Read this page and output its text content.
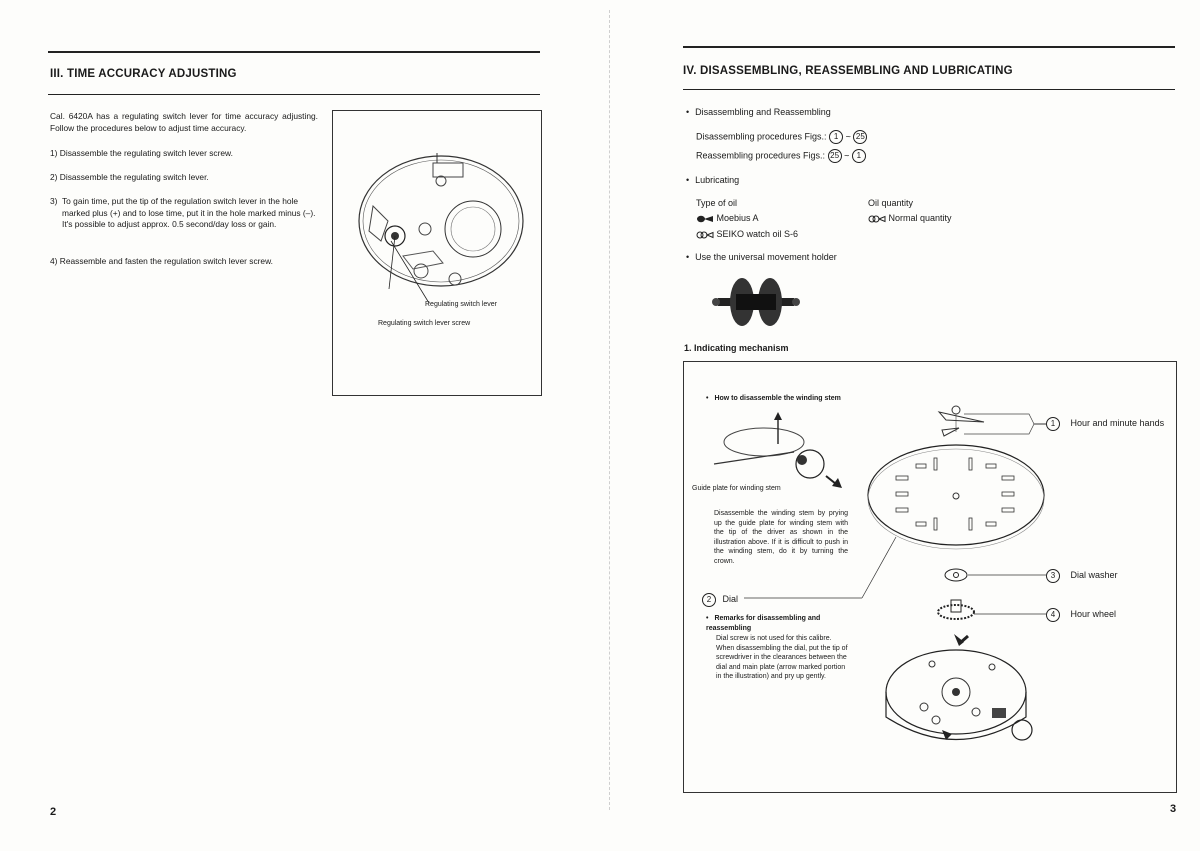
III. TIME ACCURACY ADJUSTING
Cal. 6420A has a regulating switch lever for time accuracy adjusting. Follow the procedures below to adjust time accuracy.
1) Disassemble the regulating switch lever screw.
2) Disassemble the regulating switch lever.
3) To gain time, put the tip of the regulation switch lever in the hole marked plus (+) and to lose time, put it in the hole marked minus (–).
It's possible to adjust approx. 0.5 second/day loss or gain.
4) Reassemble and fasten the regulation switch lever screw.
Regulating switch lever
Regulating switch lever screw
2
IV. DISASSEMBLING, REASSEMBLING AND LUBRICATING
• Disassembling and Reassembling
Disassembling procedures Figs.: 1 ~ 25
Reassembling procedures Figs.: 25 ~ 1
• Lubricating
Type of oil	Oil quantity
Moebius A
SEIKO watch oil S-6
Normal quantity
• Use the universal movement holder
1. Indicating mechanism
• How to disassemble the winding stem
Guide plate for winding stem
Disassemble the winding stem by prying up the guide plate for winding stem with the tip of the driver as shown in the illustration above. If it is difficult to push in the winding stem, do it by turning the crown.
2 Dial
• Remarks for disassembling and reassembling
Dial screw is not used for this calibre. When disassembling the dial, put the tip of screwdriver in the clearances between the dial and main plate (arrow marked portion in the illustration) and pry up gently.
1 Hour and minute hands
3 Dial washer
4 Hour wheel
3
